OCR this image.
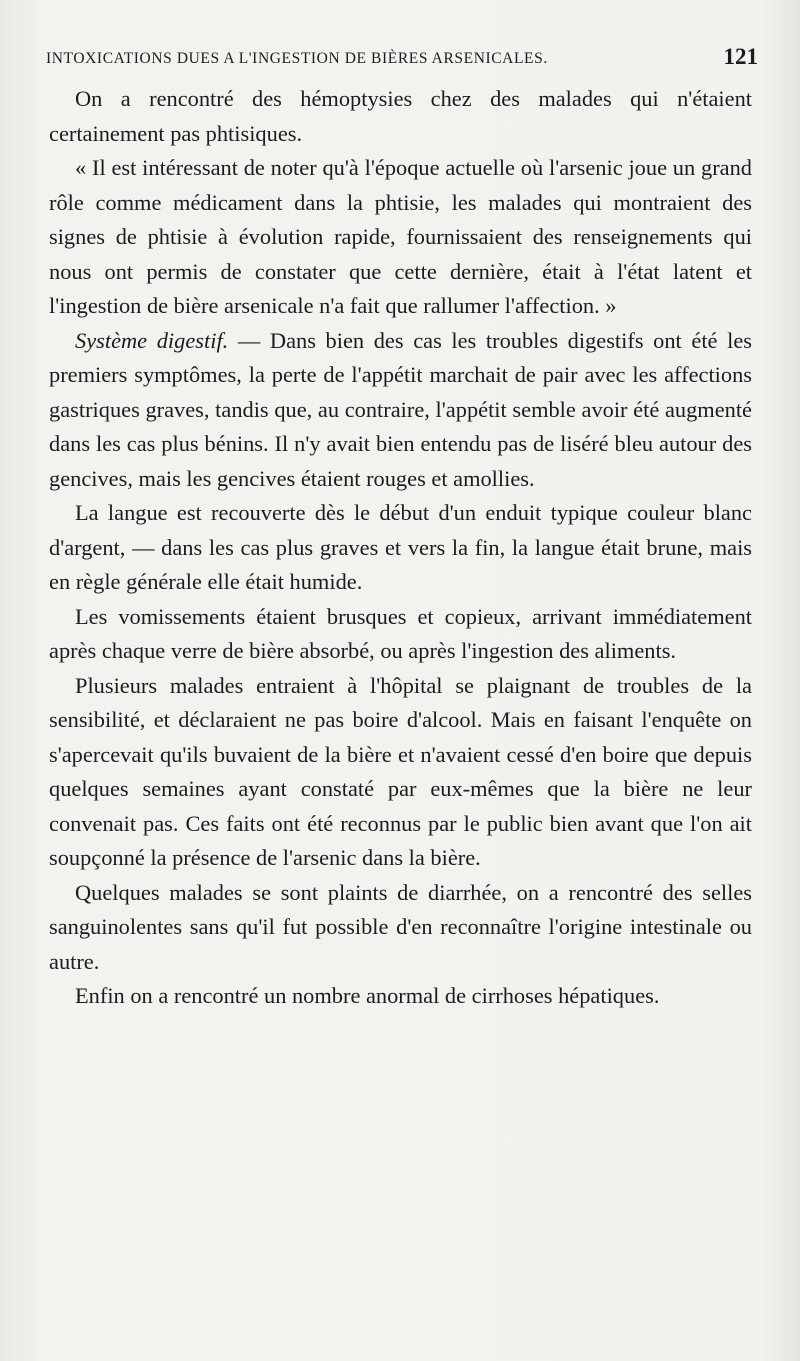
INTOXICATIONS DUES A L'INGESTION DE BIÈRES ARSENICALES.	121

On a rencontré des hémoptysies chez des malades qui n'étaient certainement pas phtisiques.

« Il est intéressant de noter qu'à l'époque actuelle où l'arsenic joue un grand rôle comme médicament dans la phtisie, les malades qui montraient des signes de phtisie à évolution rapide, fournissaient des renseignements qui nous ont permis de constater que cette dernière, était à l'état latent et l'ingestion de bière arsenicale n'a fait que rallumer l'affection. »

Système digestif. — Dans bien des cas les troubles digestifs ont été les premiers symptômes, la perte de l'appétit marchait de pair avec les affections gastriques graves, tandis que, au contraire, l'appétit semble avoir été augmenté dans les cas plus bénins. Il n'y avait bien entendu pas de liséré bleu autour des gencives, mais les gencives étaient rouges et amollies.

La langue est recouverte dès le début d'un enduit typique couleur blanc d'argent, — dans les cas plus graves et vers la fin, la langue était brune, mais en règle générale elle était humide.

Les vomissements étaient brusques et copieux, arrivant immédiatement après chaque verre de bière absorbé, ou après l'ingestion des aliments.

Plusieurs malades entraient à l'hôpital se plaignant de troubles de la sensibilité, et déclaraient ne pas boire d'alcool. Mais en faisant l'enquête on s'apercevait qu'ils buvaient de la bière et n'avaient cessé d'en boire que depuis quelques semaines ayant constaté par eux-mêmes que la bière ne leur convenait pas. Ces faits ont été reconnus par le public bien avant que l'on ait soupçonné la présence de l'arsenic dans la bière.

Quelques malades se sont plaints de diarrhée, on a rencontré des selles sanguinolentes sans qu'il fut possible d'en reconnaître l'origine intestinale ou autre.

Enfin on a rencontré un nombre anormal de cirrhoses hépatiques.
